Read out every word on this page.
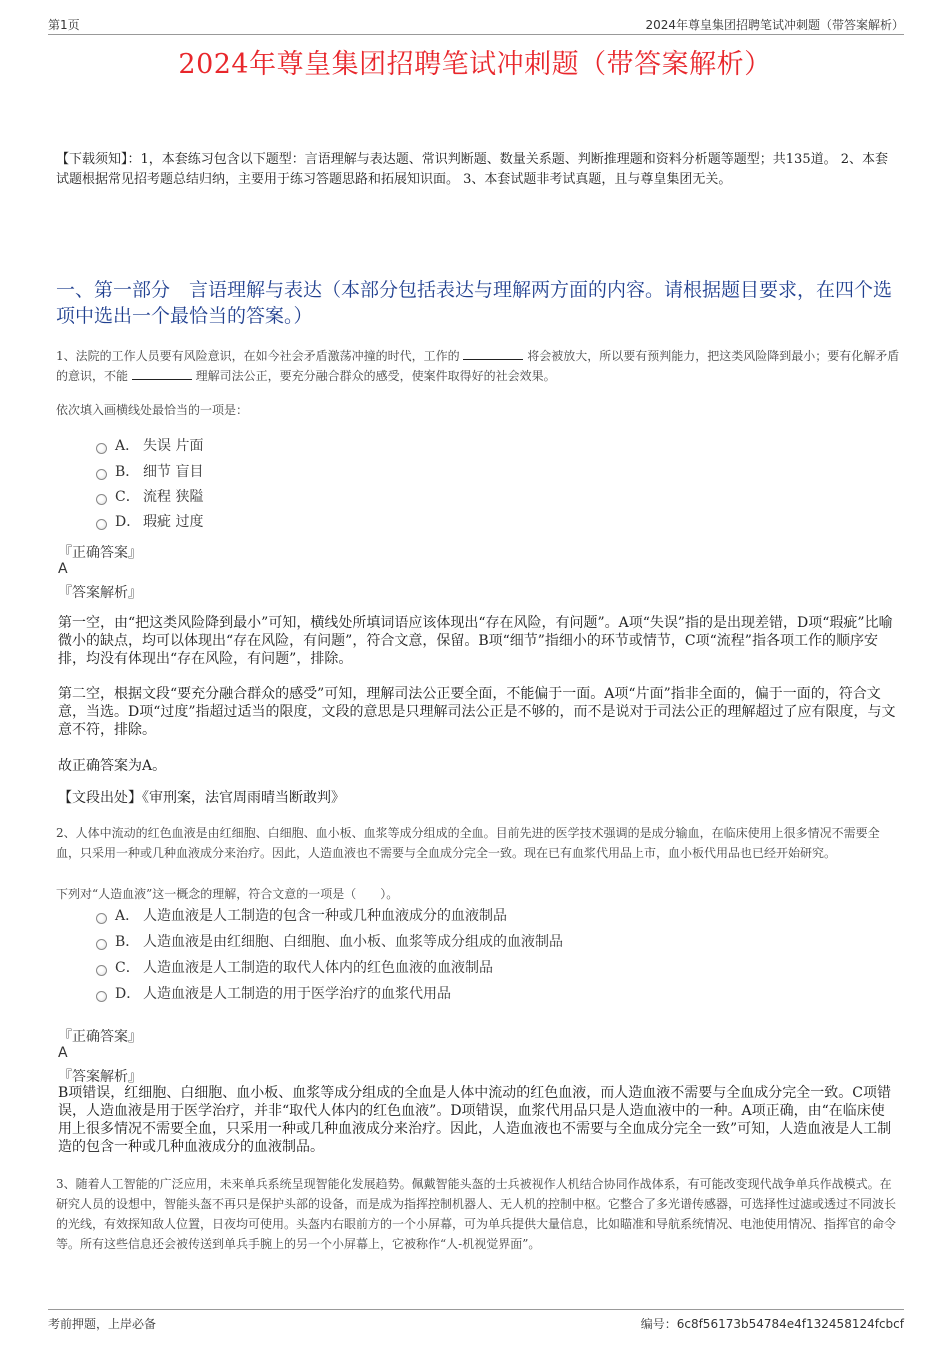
第1页	2024年尊皇集团招聘笔试冲刺题（带答案解析）
2024年尊皇集团招聘笔试冲刺题（带答案解析）
【下载须知】：1，本套练习包含以下题型：言语理解与表达题、常识判断题、数量关系题、判断推理题和资料分析题等题型；共135道。 2、本套试题根据常见招考题总结归纳，主要用于练习答题思路和拓展知识面。 3、本套试题非考试真题，且与尊皇集团无关。
一、第一部分　言语理解与表达（本部分包括表达与理解两方面的内容。请根据题目要求，在四个选项中选出一个最恰当的答案。）
1、法院的工作人员要有风险意识，在如今社会矛盾激荡冲撞的时代，工作的	将会被放大，所以要有预判能力，把这类风险降到最小；要有化解矛盾的意识，不能	理解司法公正，要充分融合群众的感受，使案件取得好的社会效果。
依次填入画横线处最恰当的一项是：
A． 失误 片面
B． 细节 盲目
C． 流程 狭隘
D． 瑕疵 过度
『正确答案』
A
『答案解析』
第一空，由“把这类风险降到最小”可知，横线处所填词语应该体现出“存在风险，有问题”。A项“失误”指的是出现差错，D项“瑕疵”比喻微小的缺点，均可以体现出“存在风险，有问题”，符合文意，保留。B项“细节”指细小的环节或情节，C项“流程”指各项工作的顺序安排，均没有体现出“存在风险，有问题”，排除。
第二空，根据文段“要充分融合群众的感受”可知，理解司法公正要全面，不能偏于一面。A项“片面”指非全面的，偏于一面的，符合文意，当选。D项“过度”指超过适当的限度，文段的意思是只理解司法公正是不够的，而不是说对于司法公正的理解超过了应有限度，与文意不符，排除。
故正确答案为A。
【文段出处】《审刑案，法官周雨晴当断敢判》
2、人体中流动的红色血液是由红细胞、白细胞、血小板、血浆等成分组成的全血。目前先进的医学技术强调的是成分输血，在临床使用上很多情况不需要全血，只采用一种或几种血液成分来治疗。因此，人造血液也不需要与全血成分完全一致。现在已有血浆代用品上市，血小板代用品也已经开始研究。
下列对“人造血液”这一概念的理解，符合文意的一项是（　　）。
A． 人造血液是人工制造的包含一种或几种血液成分的血液制品
B． 人造血液是由红细胞、白细胞、血小板、血浆等成分组成的血液制品
C． 人造血液是人工制造的取代人体内的红色血液的血液制品
D． 人造血液是人工制造的用于医学治疗的血浆代用品
『正确答案』
A
『答案解析』
B项错误，红细胞、白细胞、血小板、血浆等成分组成的全血是人体中流动的红色血液，而人造血液不需要与全血成分完全一致。C项错误，人造血液是用于医学治疗，并非“取代人体内的红色血液”。D项错误，血浆代用品只是人造血液中的一种。A项正确，由“在临床使用上很多情况不需要全血，只采用一种或几种血液成分来治疗。因此，人造血液也不需要与全血成分完全一致”可知，人造血液是人工制造的包含一种或几种血液成分的血液制品。
3、随着人工智能的广泛应用，未来单兵系统呈现智能化发展趋势。佩戴智能头盔的士兵被视作人机结合协同作战体系，有可能改变现代战争单兵作战模式。在研究人员的设想中，智能头盔不再只是保护头部的设备，而是成为指挥控制机器人、无人机的控制中枢。它整合了多光谱传感器，可选择性过滤或透过不同波长的光线，有效探知敌人位置，日夜均可使用。头盔内右眼前方的一个小屏幕，可为单兵提供大量信息，比如瞄准和导航系统情况、电池使用情况、指挥官的命令等。所有这些信息还会被传送到单兵手腕上的另一个小屏幕上，它被称作“人-机视觉界面”。
考前押题，上岸必备	编号：6c8f56173b54784e4f132458124fcbcf
